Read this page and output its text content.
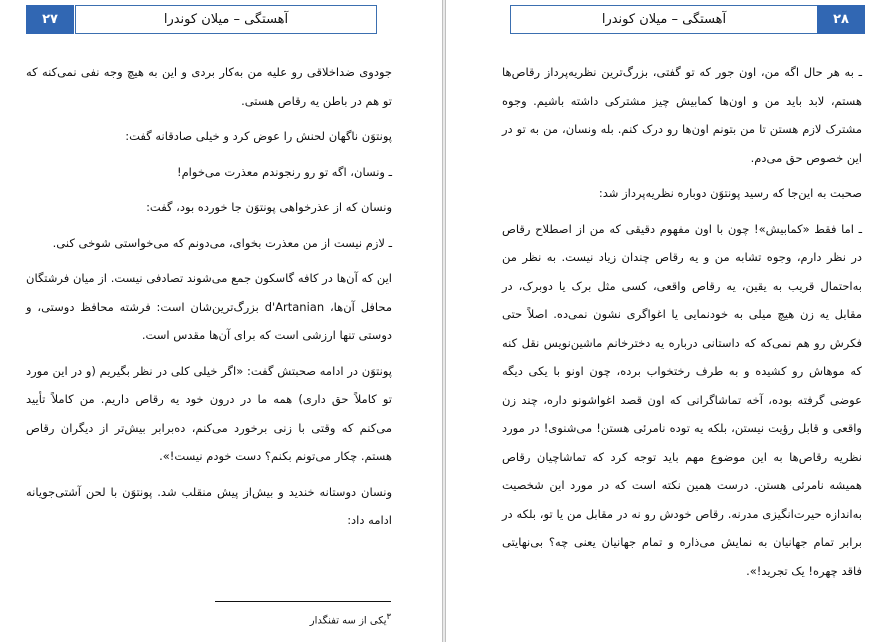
۲۷	آهستگی – میلان کوندرا

جودوی ضداخلاقی رو علیه من به‌کار بردی و این به هیچ وجه نفی نمی‌کنه که تو هم در باطن یه رقاص هستی.

پونتوَن ناگهان لحنش را عوض کرد و خیلی صادقانه گفت:

ـ ونسان، اگه تو رو رنجوندم معذرت می‌خوام!

ونسان که از عذرخواهی پونتوَن جا خورده بود، گفت:

ـ لازم نیست از من معذرت بخوای، می‌دونم که می‌خواستی شوخی کنی.

این که آن‌ها در کافه گاسکون جمع می‌شوند تصادفی نیست. از میان فرشتگان محافل آن‌ها، ‌d'Artanian بزرگ‌ترین‌شان است: فرشته محافظ دوستی، و دوستی تنها ارزشی است که برای آن‌ها مقدس است.

پونتوَن در ادامه صحبتش گفت: «اگر خیلی کلی در نظر بگیریم (و در این مورد تو کاملاً حق داری) همه ما در درون خود یه رقاص داریم. من کاملاً تأیید می‌کنم که وقتی با زنی برخورد می‌کنم، ده‌برابر بیش‌تر از دیگران رقاص هستم. چکار می‌تونم بکنم؟ دست خودم نیست!».

ونسان دوستانه خندید و بیش‌از پیش منقلب شد. پونتوَن با لحن آشتی‌جویانه ادامه داد:

$^۳$یکی از سه تفنگدار
آهستگی – میلان کوندرا	۲۸

ـ به هر حال اگه من، اون جور که تو گفتی، بزرگ‌ترین نظریه‌پرداز رقاص‌ها هستم، لابد باید من و اون‌ها کمابیش چیز مشترکی داشته باشیم. وجوه مشترک لازم هستن تا من بتونم اون‌ها رو درک کنم. بله ونسان، من به تو در این خصوص حق می‌دم.

صحبت به این‌جا که رسید پونتوَن دوباره نظریه‌پرداز شد:

ـ اما فقط «کمابیش»! چون با اون مفهوم دقیقی که من از اصطلاح رقاص در نظر دارم، وجوه تشابه من و یه رقاص چندان زیاد نیست. به نظر من به‌احتمال قریب به یقین، یه رقاص واقعی، کسی مثل برک یا دوبرک، در مقابل یه زن هیچ میلی به خودنمایی یا اغواگری نشون نمی‌ده. اصلاً حتی فکرش رو هم نمی‌که که داستانی درباره یه دخترخانم ماشین‌نویس نقل کنه که موهاش رو کشیده و به طرف رختخواب برده، چون اونو با یکی دیگه عوضی گرفته بوده، آخه تماشاگرانی که اون قصد اغواشونو داره، چند زن واقعی و قابل رؤیت نیستن، بلکه یه توده نامرئی هستن! می‌شنوی! در مورد نظریه رقاص‌ها به این موضوع مهم باید توجه کرد که تماشاچیان رقاص همیشه نامرئی هستن. درست همین نکته است که در مورد این شخصیت به‌اندازه حیرت‌انگیزی مدرنه. رقاص خودش رو نه در مقابل من یا تو، بلکه در برابر تمام جهانیان به نمایش می‌ذاره و تمام جهانیان یعنی چه؟ بی‌نهایتی فاقد چهره! یک تجرید!».
